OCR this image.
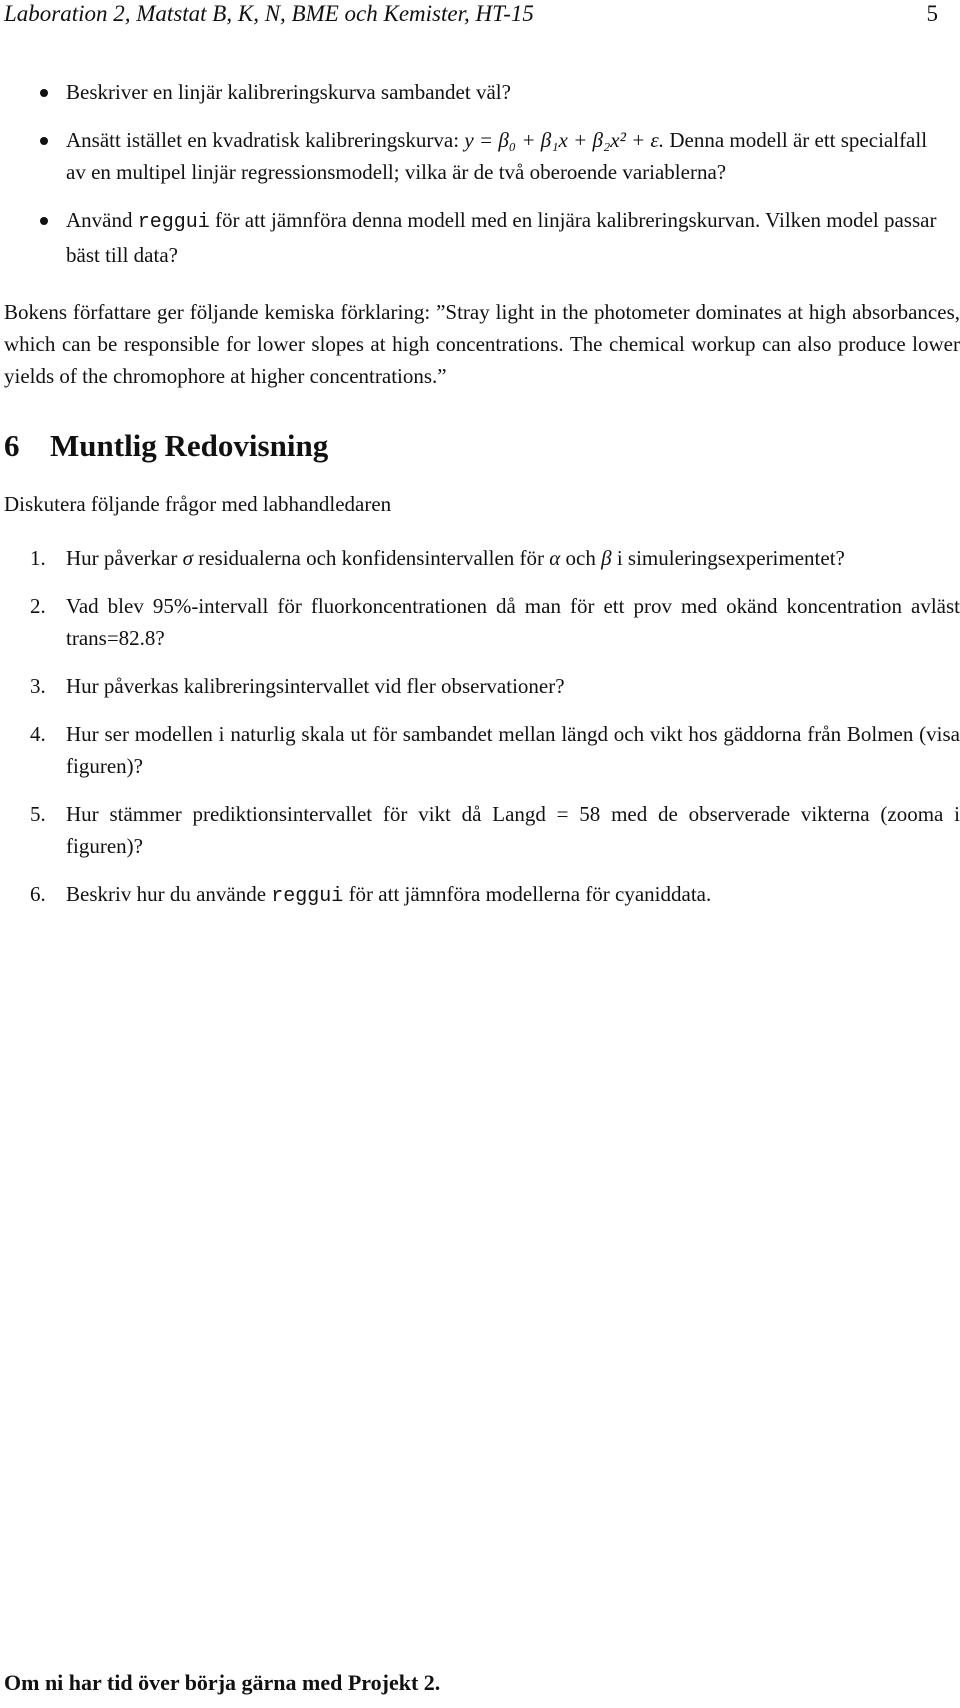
Laboration 2, Matstat B, K, N, BME och Kemister, HT-15	5
Beskriver en linjär kalibreringskurva sambandet väl?
Ansätt istället en kvadratisk kalibreringskurva: y = β₀ + β₁x + β₂x² + ε. Denna modell är ett specialfall av en multipel linjär regressionsmodell; vilka är de två oberoende variablerna?
Använd reggui för att jämnföra denna modell med en linjära kalibreringskurvan. Vilken model passar bäst till data?
Bokens författare ger följande kemiska förklaring: ”Stray light in the photometer dominates at high absorbances, which can be responsible for lower slopes at high concentrations. The chemical workup can also produce lower yields of the chromophore at higher concentrations.”
6 Muntlig Redovisning
Diskutera följande frågor med labhandledaren
1. Hur påverkar σ residualerna och konfidensintervallen för α och β i simuleringsexperimentet?
2. Vad blev 95%-intervall för fluorkoncentrationen då man för ett prov med okänd koncentration avläst trans=82.8?
3. Hur påverkas kalibreringsintervallet vid fler observationer?
4. Hur ser modellen i naturlig skala ut för sambandet mellan längd och vikt hos gäddorna från Bolmen (visa figuren)?
5. Hur stämmer prediktionsintervallet för vikt då Langd = 58 med de observerade vikterna (zooma i figuren)?
6. Beskriv hur du använde reggui för att jämnföra modellerna för cyaniddata.
Om ni har tid över börja gärna med Projekt 2.
